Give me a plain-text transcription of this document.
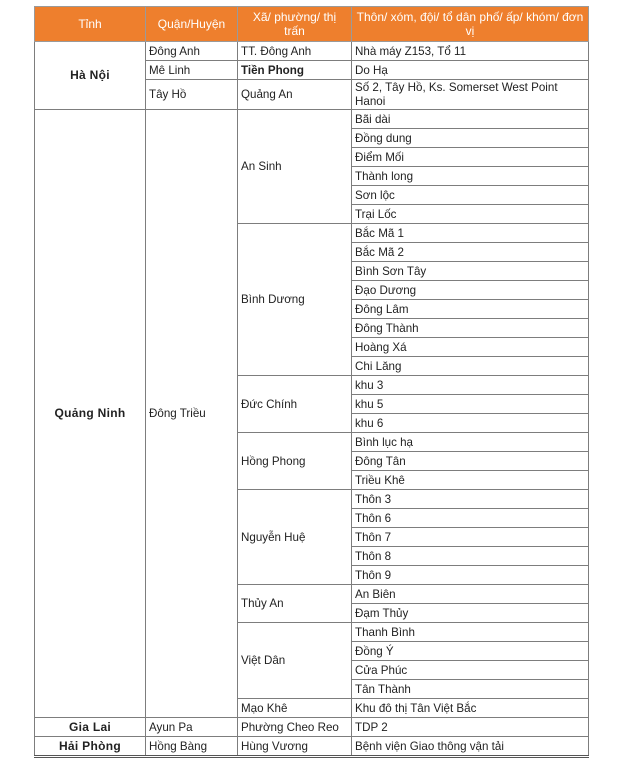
Tỉnh	Quận/Huyện	Xã/ phường/ thị trấn	Thôn/ xóm, đội/ tổ dân phố/ ấp/ khóm/ đơn vị
Hà Nội	Đông Anh	TT. Đông Anh	Nhà máy Z153, Tổ 11
	Mê Linh	Tiền Phong	Do Hạ
	Tây Hồ	Quảng An	Số 2, Tây Hồ, Ks. Somerset West Point Hanoi
Quảng Ninh	Đông Triều	An Sinh	Bãi dài
			Đồng dung
			Điểm Mối
			Thành long
			Sơn lộc
			Trại Lốc
		Bình Dương	Bắc Mã 1
			Bắc Mã 2
			Bình Sơn Tây
			Đạo Dương
			Đông Lâm
			Đông Thành
			Hoàng Xá
			Chi Lăng
		Đức Chính	khu 3
			khu 5
			khu 6
		Hồng Phong	Bình lục hạ
			Đông Tân
			Triều Khê
		Nguyễn Huệ	Thôn 3
			Thôn 6
			Thôn 7
			Thôn 8
			Thôn 9
		Thủy An	An Biên
			Đạm Thủy
		Việt Dân	Thanh Bình
			Đồng Ý
			Cửa Phúc
			Tân Thành
		Mạo Khê	Khu đô thị Tân Việt Bắc
Gia Lai	Ayun Pa	Phường Cheo Reo	TDP 2
Hải Phòng	Hồng Bàng	Hùng Vương	Bệnh viện Giao thông vận tải
